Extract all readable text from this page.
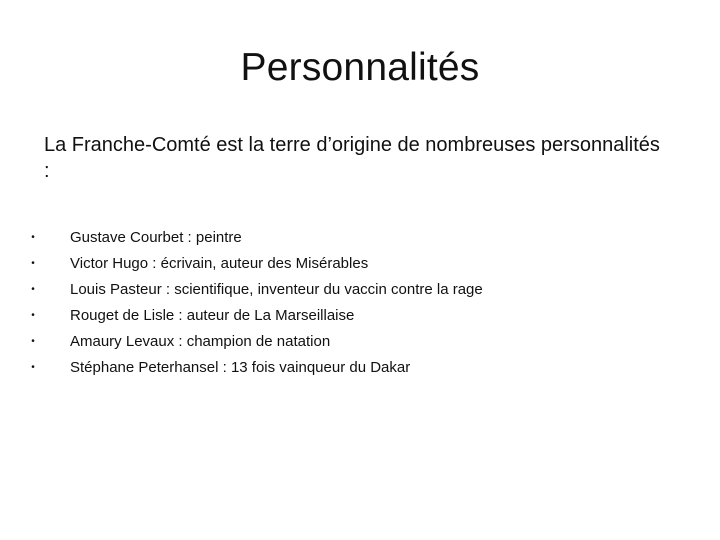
Personnalités

La Franche-Comté est la terre d’origine de nombreuses personnalités :

• Gustave Courbet : peintre
• Victor Hugo : écrivain, auteur des Misérables
• Louis Pasteur : scientifique, inventeur du vaccin contre la rage
• Rouget de Lisle : auteur de La Marseillaise
• Amaury Levaux : champion de natation
• Stéphane Peterhansel : 13 fois vainqueur du Dakar
